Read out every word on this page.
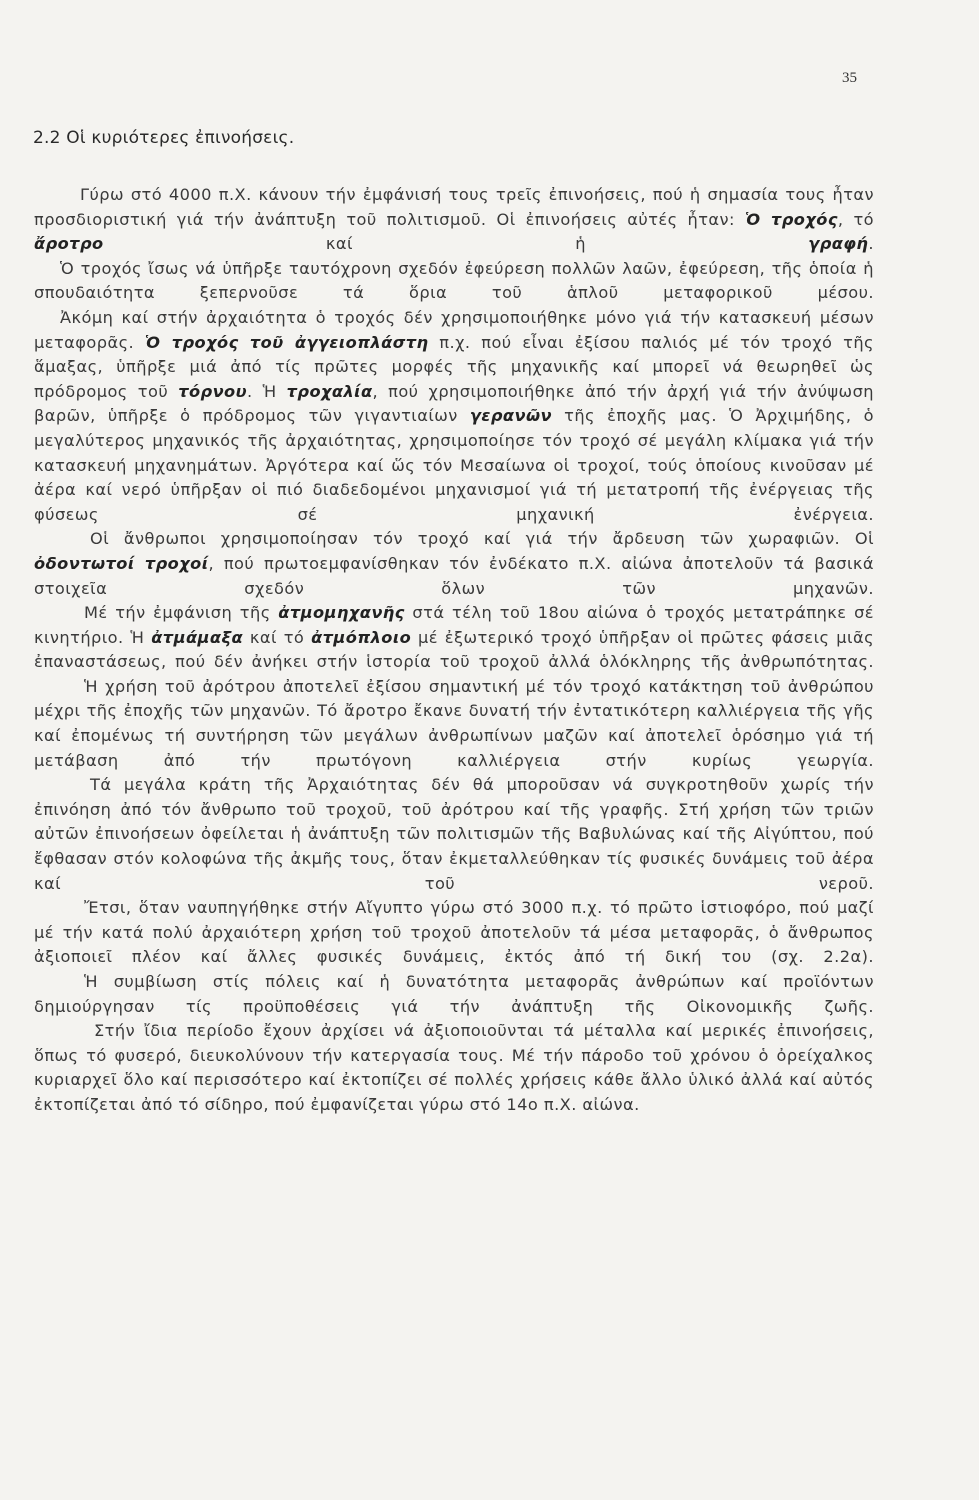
35
2.2 Οἱ κυριότερες ἐπινοήσεις.

Γύρω στό 4000 π.Χ. κάνουν τήν ἐμφάνισή τους τρεῖς ἐπινοήσεις, πού ἡ σημασία τους ἦταν προσδιοριστική γιά τήν ἀνάπτυξη τοῦ πολιτισμοῦ. Οἱ ἐπινοήσεις αὐτές ἦταν: Ὁ τροχός, τό ἄροτρο καί ἡ γραφή.

Ὁ τροχός ἴσως νά ὑπῆρξε ταυτόχρονη σχεδόν ἐφεύρεση πολλῶν λαῶν, ἐφεύρεση, τῆς ὁποία ἡ σπουδαιότητα ξεπερνοῦσε τά ὅρια τοῦ ἁπλοῦ μεταφορικοῦ μέσου.

Ἀκόμη καί στήν ἀρχαιότητα ὁ τροχός δέν χρησιμοποιήθηκε μόνο γιά τήν κατασκευή μέσων μεταφορᾶς. Ὁ τροχός τοῦ ἀγγειοπλάστη π.χ. πού εἶναι ἐξίσου παλιός μέ τόν τροχό τῆς ἅμαξας, ὑπῆρξε μιά ἀπό τίς πρῶτες μορφές τῆς μηχανικῆς καί μπορεῖ νά θεωρηθεῖ ὡς πρόδρομος τοῦ τόρνου. Ἡ τροχαλία, πού χρησιμοποιήθηκε ἀπό τήν ἀρχή γιά τήν ἀνύψωση βαρῶν, ὑπῆρξε ὁ πρόδρομος τῶν γιγαντιαίων γερανῶν τῆς ἐποχῆς μας. Ὁ Ἀρχιμήδης, ὁ μεγαλύτερος μηχανικός τῆς ἀρχαιότητας, χρησιμοποίησε τόν τροχό σέ μεγάλη κλίμακα γιά τήν κατασκευή μηχανημάτων. Ἀργότερα καί ὥς τόν Μεσαίωνα οἱ τροχοί, τούς ὁποίους κινοῦσαν μέ ἀέρα καί νερό ὑπῆρξαν οἱ πιό διαδεδομένοι μηχανισμοί γιά τή μετατροπή τῆς ἐνέργειας τῆς φύσεως σέ μηχανική ἐνέργεια.

Οἱ ἄνθρωποι χρησιμοποίησαν τόν τροχό καί γιά τήν ἄρδευση τῶν χωραφιῶν. Οἱ ὀδοντωτοί τροχοί, πού πρωτοεμφανίσθηκαν τόν ἐνδέκατο π.Χ. αἰώνα ἀποτελοῦν τά βασικά στοιχεῖα σχεδόν ὅλων τῶν μηχανῶν.

Μέ τήν ἐμφάνιση τῆς ἀτμομηχανῆς στά τέλη τοῦ 18ου αἰώνα ὁ τροχός μετατράπηκε σέ κινητήριο. Ἡ ἀτμάμαξα καί τό ἀτμόπλοιο μέ ἐξωτερικό τροχό ὑπῆρξαν οἱ πρῶτες φάσεις μιᾶς ἐπαναστάσεως, πού δέν ἀνήκει στήν ἱστορία τοῦ τροχοῦ ἀλλά ὁλόκληρης τῆς ἀνθρωπότητας.

Ἡ χρήση τοῦ ἀρότρου ἀποτελεῖ ἐξίσου σημαντική μέ τόν τροχό κατάκτηση τοῦ ἀνθρώπου μέχρι τῆς ἐποχῆς τῶν μηχανῶν. Τό ἄροτρο ἔκανε δυνατή τήν ἐντατικότερη καλλιέργεια τῆς γῆς καί ἐπομένως τή συντήρηση τῶν μεγάλων ἀνθρωπίνων μαζῶν καί ἀποτελεῖ ὁρόσημο γιά τή μετάβαση ἀπό τήν πρωτόγονη καλλιέργεια στήν κυρίως γεωργία.

Τά μεγάλα κράτη τῆς Ἀρχαιότητας δέν θά μποροῦσαν νά συγκροτηθοῦν χωρίς τήν ἐπινόηση ἀπό τόν ἄνθρωπο τοῦ τροχοῦ, τοῦ ἀρότρου καί τῆς γραφῆς. Στή χρήση τῶν τριῶν αὐτῶν ἐπινοήσεων ὀφείλεται ἡ ἀνάπτυξη τῶν πολιτισμῶν τῆς Βαβυλώνας καί τῆς Αἰγύπτου, πού ἔφθασαν στόν κολοφώνα τῆς ἀκμῆς τους, ὅταν ἐκμεταλλεύθηκαν τίς φυσικές δυνάμεις τοῦ ἀέρα καί τοῦ νεροῦ.

Ἔτσι, ὅταν ναυπηγήθηκε στήν Αἴγυπτο γύρω στό 3000 π.χ. τό πρῶτο ἱστιοφόρο, πού μαζί μέ τήν κατά πολύ ἀρχαιότερη χρήση τοῦ τροχοῦ ἀποτελοῦν τά μέσα μεταφορᾶς, ὁ ἄνθρωπος ἀξιοποιεῖ πλέον καί ἄλλες φυσικές δυνάμεις, ἐκτός ἀπό τή δική του (σχ. 2.2α).

Ἡ συμβίωση στίς πόλεις καί ἡ δυνατότητα μεταφορᾶς ἀνθρώπων καί προϊόντων δημιούργησαν τίς προϋποθέσεις γιά τήν ἀνάπτυξη τῆς Οἰκονομικῆς ζωῆς.

Στήν ἴδια περίοδο ἔχουν ἀρχίσει νά ἀξιοποιοῦνται τά μέταλλα καί μερικές ἐπινοήσεις, ὅπως τό φυσερό, διευκολύνουν τήν κατεργασία τους. Μέ τήν πάροδο τοῦ χρόνου ὁ ὀρείχαλκος κυριαρχεῖ ὅλο καί περισσότερο καί ἐκτοπίζει σέ πολλές χρήσεις κάθε ἄλλο ὑλικό ἀλλά καί αὐτός ἐκτοπίζεται ἀπό τό σίδηρο, πού ἐμφανίζεται γύρω στό 14ο π.Χ. αἰώνα.
